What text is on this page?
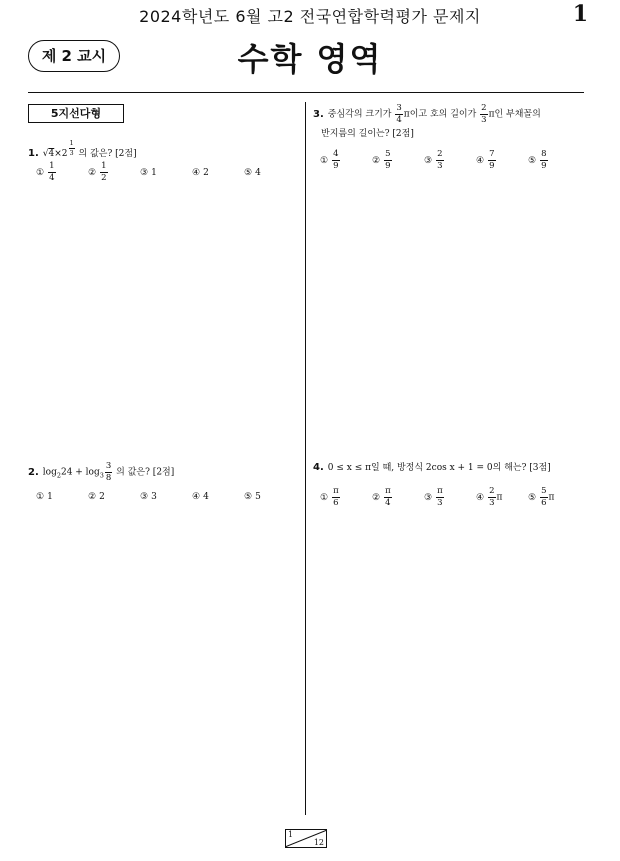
2024학년도 6월 고2 전국연합학력평가 문제지	1
제 2 교시	수학 영역
5지선다형
1. √4×2 $^{\frac{1}{3}}$ 의 값은? [2점]
① $\frac{1}{4}$	② $\frac{1}{2}$	③ 1	④ 2	⑤ 4
2. $\log_224 + \log_3 \frac{3}{8}$ 의 값은? [2점]
① 1	② 2	③ 3	④ 4	⑤ 5
3. 중심각의 크기가 $\frac{3}{4}$ π이고 호의 길이가 $\frac{2}{3}$ π인 부채꼴의
반지름의 길이는? [2점]
① $\frac{4}{9}$	② $\frac{5}{9}$	③ $\frac{2}{3}$	④ $\frac{7}{9}$	⑤ $\frac{8}{9}$
4. 0 ≤ x ≤ π일 때, 방정식 2cos x + 1 = 0의 해는? [3점]
① $\frac{\pi}{6}$	② $\frac{\pi}{4}$	③ $\frac{\pi}{3}$	④ $\frac{2}{3}$ π	⑤ $\frac{5}{6}$ π
1
12
